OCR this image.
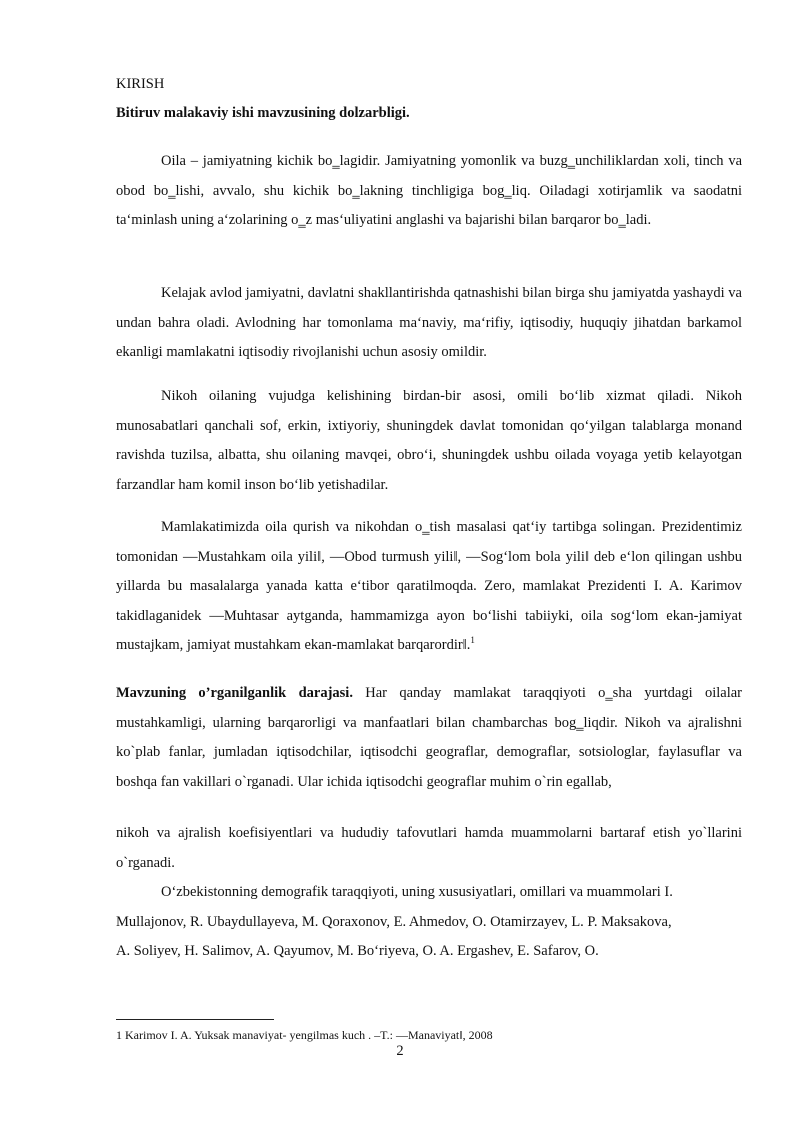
KIRISH
Bitiruv malakaviy ishi mavzusining dolzarbligi.
Oila – jamiyatning kichik bo‗lagidir. Jamiyatning yomonlik va buzg‗unchiliklardan xoli, tinch va obod bo‗lishi, avvalo, shu kichik bo‗lakning tinchligiga bog‗liq. Oiladagi xotirjamlik va saodatni ta‘minlash uning a‘zolarining o‗z mas‘uliyatini anglashi va bajarishi bilan barqaror bo‗ladi.
Kelajak avlod jamiyatni, davlatni shakllantirishda qatnashishi bilan birga shu jamiyatda yashaydi va undan bahra oladi. Avlodning har tomonlama ma‘naviy, ma‘rifiy, iqtisodiy, huquqiy jihatdan barkamol ekanligi mamlakatni iqtisodiy rivojlanishi uchun asosiy omildir.
Nikoh oilaning vujudga kelishining birdan-bir asosi, omili bo‘lib xizmat qiladi. Nikoh munosabatlari qanchali sof, erkin, ixtiyoriy, shuningdek davlat tomonidan qo‘yilgan talablarga monand ravishda tuzilsa, albatta, shu oilaning mavqei, obro‘i, shuningdek ushbu oilada voyaga yetib kelayotgan farzandlar ham komil inson bo‘lib yetishadilar.
Mamlakatimizda oila qurish va nikohdan o‗tish masalasi qat‘iy tartibga solingan. Prezidentimiz tomonidan ―Mustahkam oila yili‖, ―Obod turmush yili‖, ―Sog‘lom bola yili‖ deb e‘lon qilingan ushbu yillarda bu masalalarga yanada katta e‘tibor qaratilmoqda. Zero, mamlakat Prezidenti I. A. Karimov takidlaganidek ―Muhtasar aytganda, hammamizga ayon bo‘lishi tabiiyki, oila sog‘lom ekan-jamiyat mustajkam, jamiyat mustahkam ekan-mamlakat barqarordir‖.$^1$
Mavzuning o’rganilganlik darajasi. Har qanday mamlakat taraqqiyoti o‗sha yurtdagi oilalar mustahkamligi, ularning barqarorligi va manfaatlari bilan chambarchas bog‗liqdir. Nikoh va ajralishni ko`plab fanlar, jumladan iqtisodchilar, iqtisodchi geograflar, demograflar, sotsiologlar, faylasuflar va boshqa fan vakillari o`rganadi. Ular ichida iqtisodchi geograflar muhim o`rin egallab,
nikoh va ajralish koefisiyentlari va hududiy tafovutlari hamda muammolarni bartaraf etish yo`llarini o`rganadi.
O‘zbekistonning demografik taraqqiyoti, uning xususiyatlari, omillari va muammolari I.
Mullajonov, R. Ubaydullayeva, M. Qoraxonov, E. Ahmedov, O. Otamirzayev, L. P. Maksakova,
A. Soliyev, H. Salimov, A. Qayumov, M. Bo‘riyeva, O. A. Ergashev, E. Safarov, O.
1 Karimov I. A. Yuksak manaviyat- yengilmas kuch . –T.: ―Manaviyat‖, 2008
2
